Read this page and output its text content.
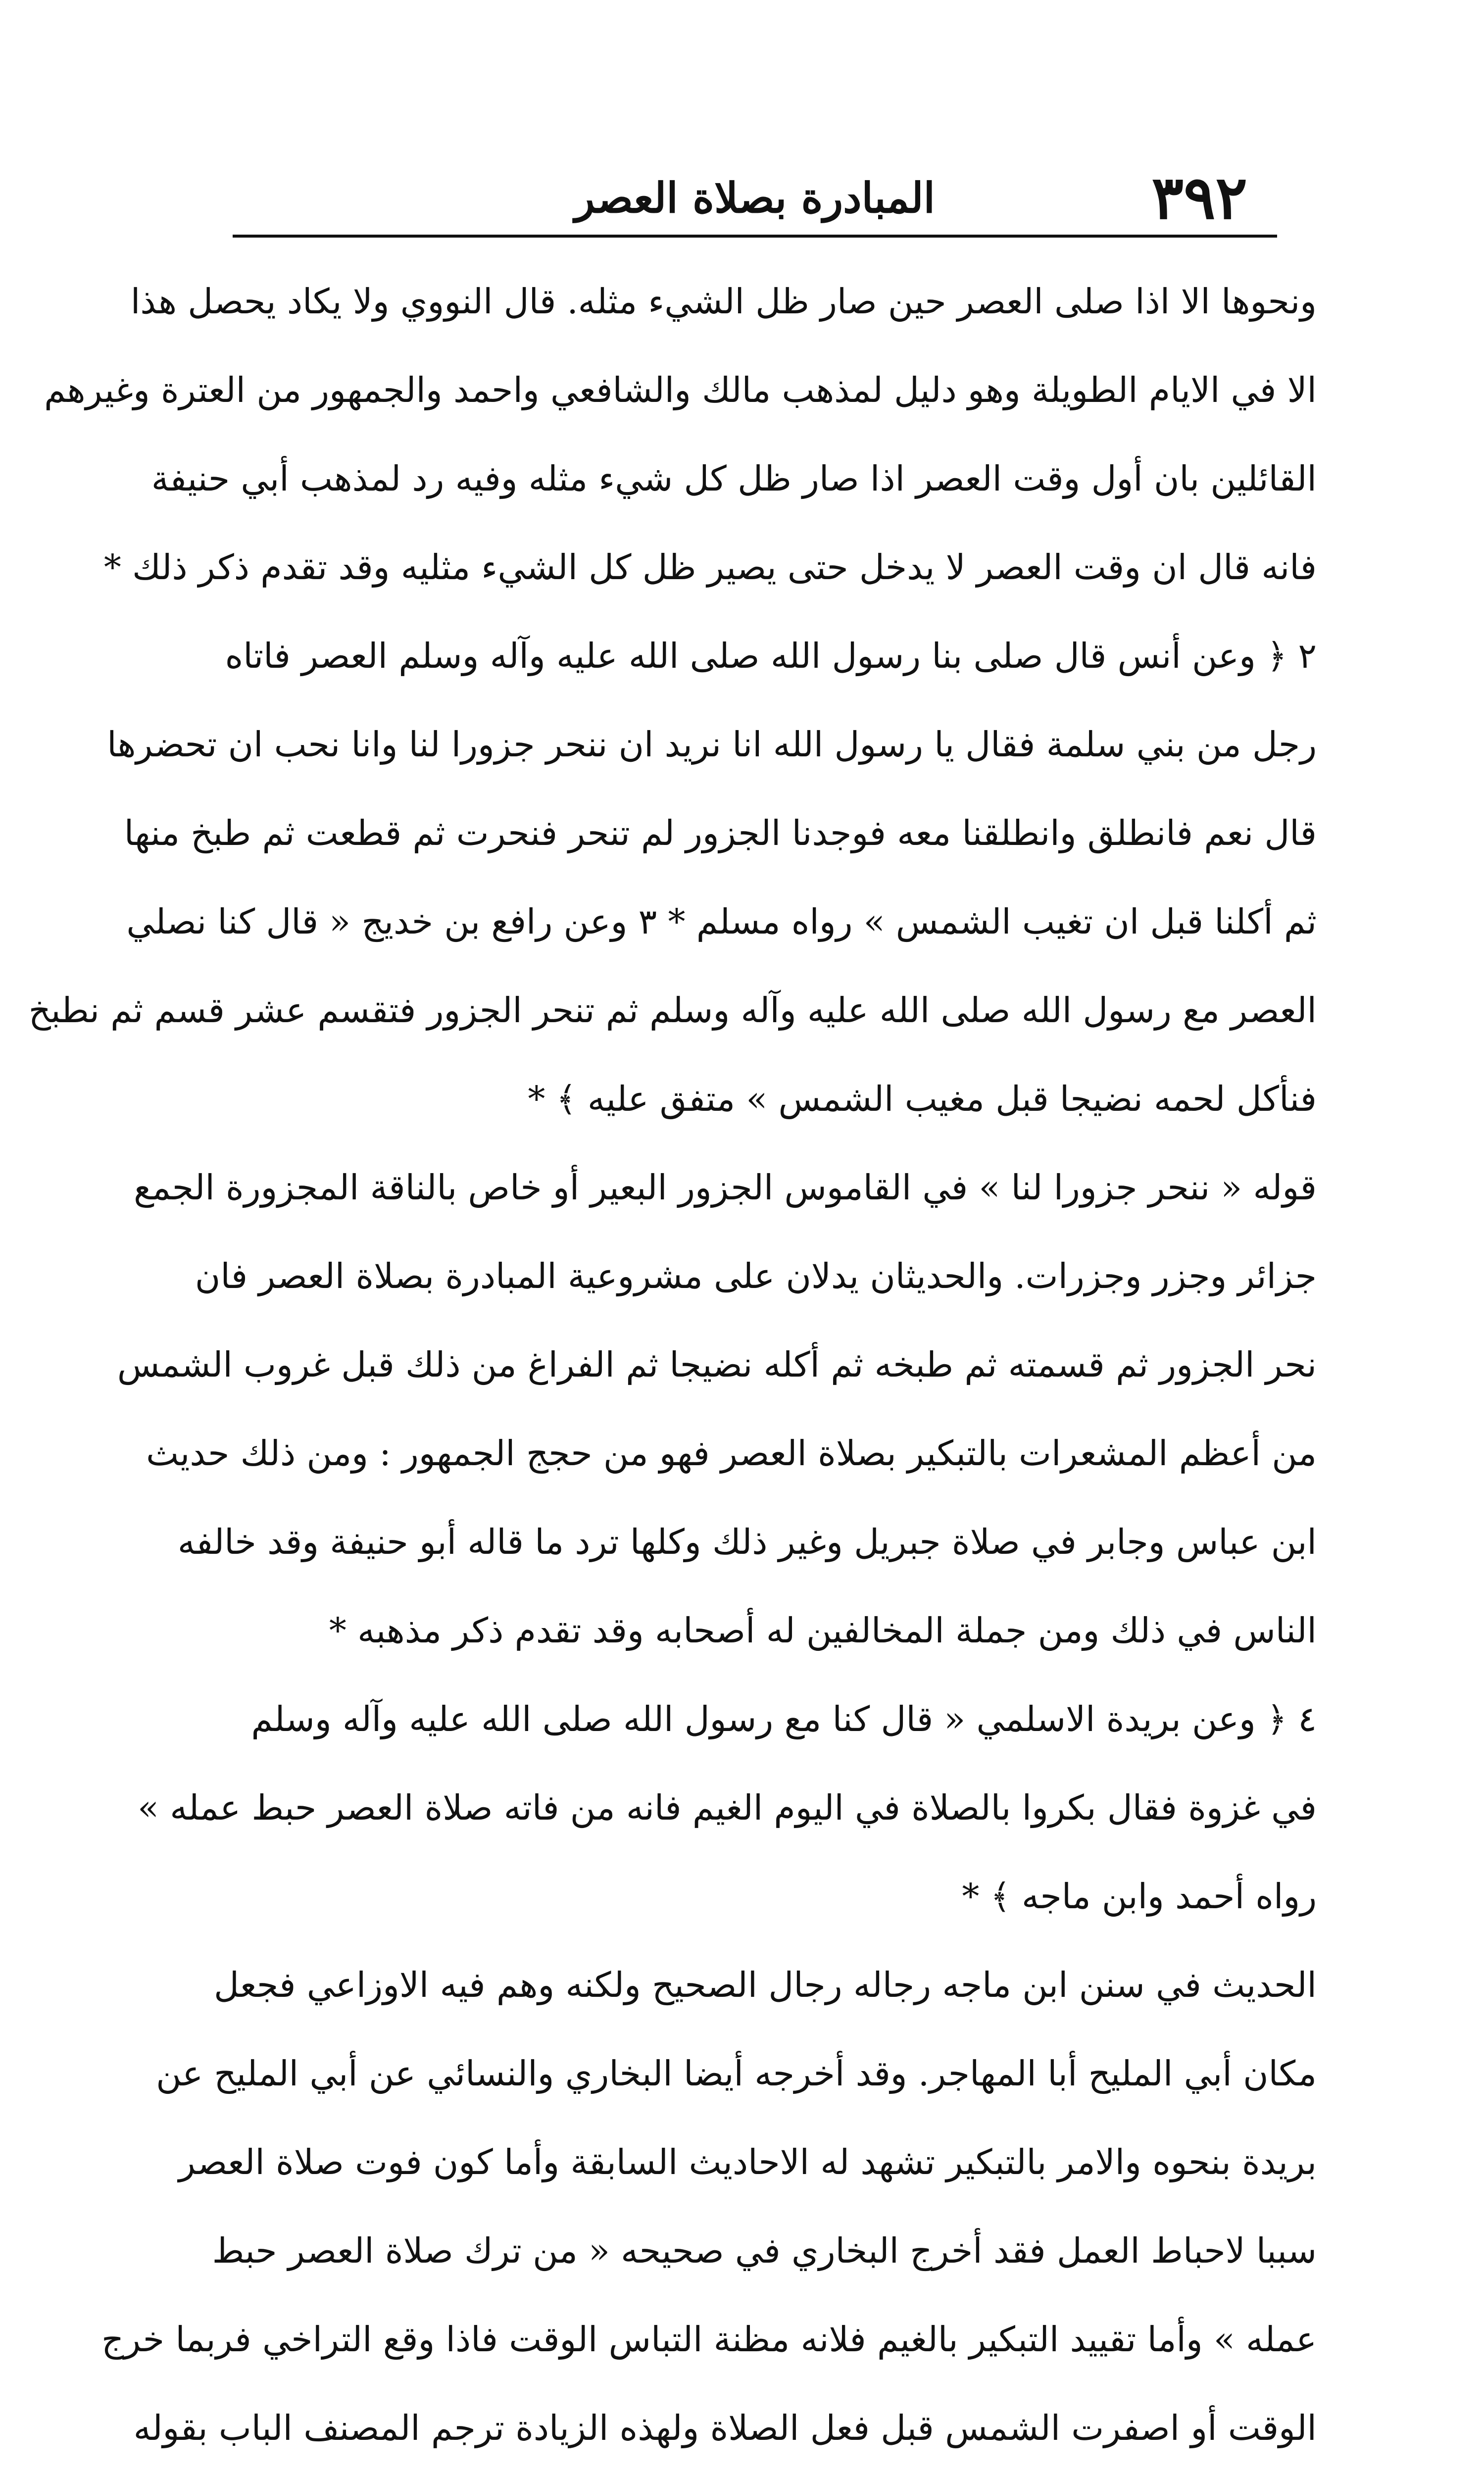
٣٩٢
المبادرة بصلاة العصر
ونحوها الا اذا صلى العصر حين صار ظل الشيء مثله. قال النووي ولا يكاد يحصل هذا
الا في الايام الطويلة وهو دليل لمذهب مالك والشافعي واحمد والجمهور من العترة وغيرهم
القائلين بان أول وقت العصر اذا صار ظل كل شيء مثله وفيه رد لمذهب أبي حنيفة
فانه قال ان وقت العصر لا يدخل حتى يصير ظل كل الشيء مثليه وقد تقدم ذكر ذلك *
٢ ﴿ وعن أنس قال صلى بنا رسول الله صلى الله عليه وآله وسلم العصر فاتاه
رجل من بني سلمة فقال يا رسول الله انا نريد ان ننحر جزورا لنا وانا نحب ان تحضرها
قال نعم فانطلق وانطلقنا معه فوجدنا الجزور لم تنحر فنحرت ثم قطعت ثم طبخ منها
ثم أكلنا قبل ان تغيب الشمس » رواه مسلم * ٣ وعن رافع بن خديج « قال كنا نصلي
العصر مع رسول الله صلى الله عليه وآله وسلم ثم تنحر الجزور فتقسم عشر قسم ثم نطبخ
فنأكل لحمه نضيجا قبل مغيب الشمس » متفق عليه ﴾ *
قوله « ننحر جزورا لنا » في القاموس الجزور البعير أو خاص بالناقة المجزورة الجمع
جزائر وجزر وجزرات. والحديثان يدلان على مشروعية المبادرة بصلاة العصر فان
نحر الجزور ثم قسمته ثم طبخه ثم أكله نضيجا ثم الفراغ من ذلك قبل غروب الشمس
من أعظم المشعرات بالتبكير بصلاة العصر فهو من حجج الجمهور : ومن ذلك حديث
ابن عباس وجابر في صلاة جبريل وغير ذلك وكلها ترد ما قاله أبو حنيفة وقد خالفه
الناس في ذلك ومن جملة المخالفين له أصحابه وقد تقدم ذكر مذهبه *
٤ ﴿ وعن بريدة الاسلمي « قال كنا مع رسول الله صلى الله عليه وآله وسلم
في غزوة فقال بكروا بالصلاة في اليوم الغيم فانه من فاته صلاة العصر حبط عمله »
رواه أحمد وابن ماجه ﴾ *
الحديث في سنن ابن ماجه رجاله رجال الصحيح ولكنه وهم فيه الاوزاعي فجعل
مكان أبي المليح أبا المهاجر. وقد أخرجه أيضا البخاري والنسائي عن أبي المليح عن
بريدة بنحوه والامر بالتبكير تشهد له الاحاديث السابقة وأما كون فوت صلاة العصر
سببا لاحباط العمل فقد أخرج البخاري في صحيحه « من ترك صلاة العصر حبط
عمله » وأما تقييد التبكير بالغيم فلانه مظنة التباس الوقت فاذا وقع التراخي فربما خرج
الوقت أو اصفرت الشمس قبل فعل الصلاة ولهذه الزيادة ترجم المصنف الباب بقوله
